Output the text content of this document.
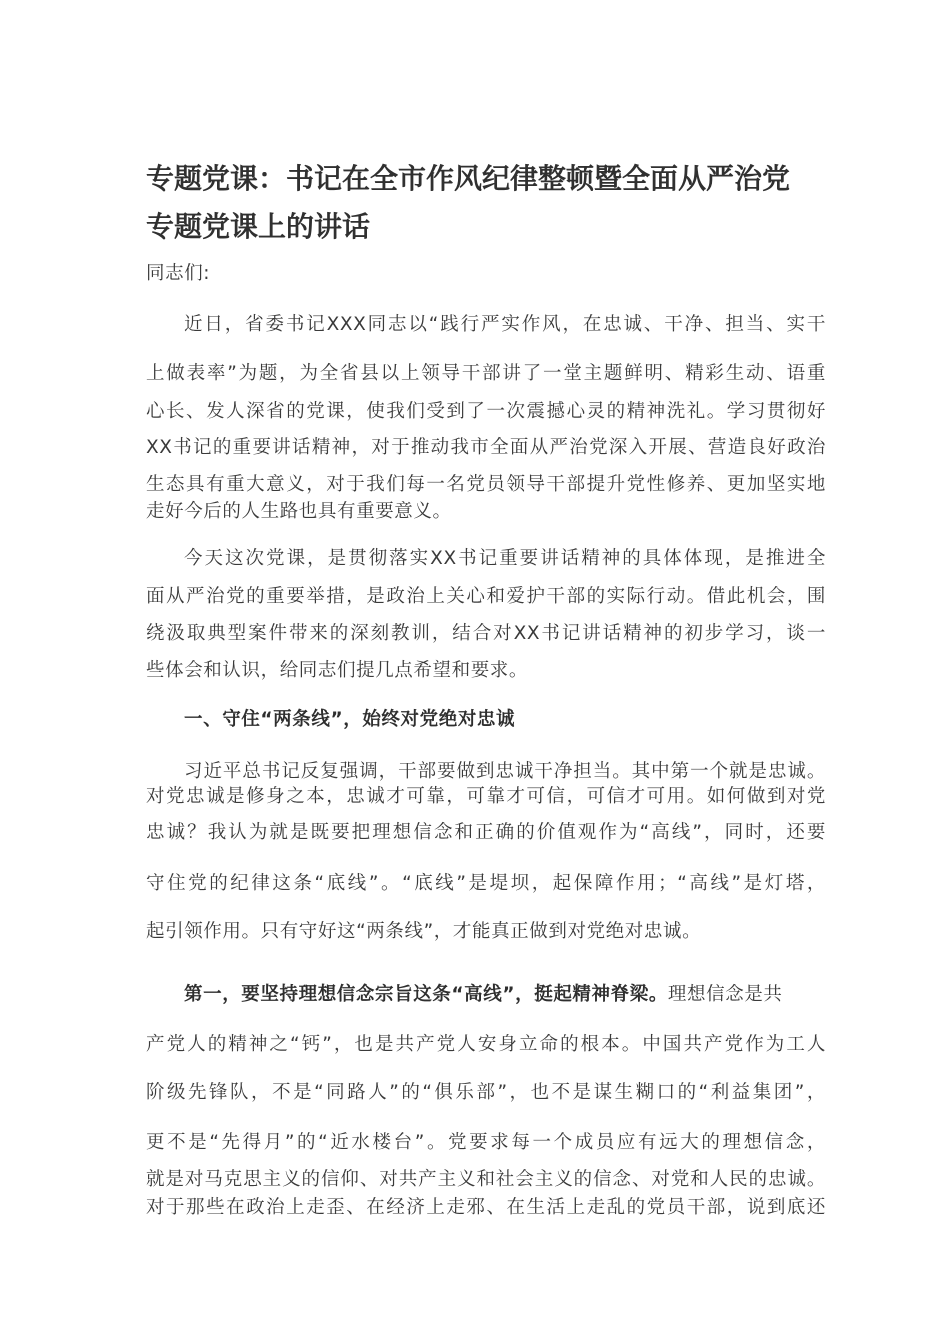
专题党课：书记在全市作风纪律整顿暨全面从严治党
专题党课上的讲话
同志们:
近日，省委书记XXX同志以“践行严实作风，在忠诚、干净、担当、实干
上做表率”为题，为全省县以上领导干部讲了一堂主题鲜明、精彩生动、语重
心长、发人深省的党课，使我们受到了一次震撼心灵的精神洗礼。学习贯彻好
XX书记的重要讲话精神，对于推动我市全面从严治党深入开展、营造良好政治
生态具有重大意义，对于我们每一名党员领导干部提升党性修养、更加坚实地
走好今后的人生路也具有重要意义。
今天这次党课，是贯彻落实XX书记重要讲话精神的具体体现，是推进全
面从严治党的重要举措，是政治上关心和爱护干部的实际行动。借此机会，围
绕汲取典型案件带来的深刻教训，结合对XX书记讲话精神的初步学习，谈一
些体会和认识，给同志们提几点希望和要求。
一、守住“两条线”，始终对党绝对忠诚
习近平总书记反复强调，干部要做到忠诚干净担当。其中第一个就是忠诚。
对党忠诚是修身之本，忠诚才可靠，可靠才可信，可信才可用。如何做到对党
忠诚？我认为就是既要把理想信念和正确的价值观作为“高线”，同时，还要
守住党的纪律这条“底线”。“底线”是堤坝，起保障作用；“高线”是灯塔，
起引领作用。只有守好这“两条线”，才能真正做到对党绝对忠诚。
第一，要坚持理想信念宗旨这条“高线”，挺起精神脊梁。理想信念是共
产党人的精神之“钙”，也是共产党人安身立命的根本。中国共产党作为工人
阶级先锋队，不是“同路人”的“俱乐部”，也不是谋生糊口的“利益集团”，
更不是“先得月”的“近水楼台”。党要求每一个成员应有远大的理想信念，
就是对马克思主义的信仰、对共产主义和社会主义的信念、对党和人民的忠诚。
对于那些在政治上走歪、在经济上走邪、在生活上走乱的党员干部，说到底还
